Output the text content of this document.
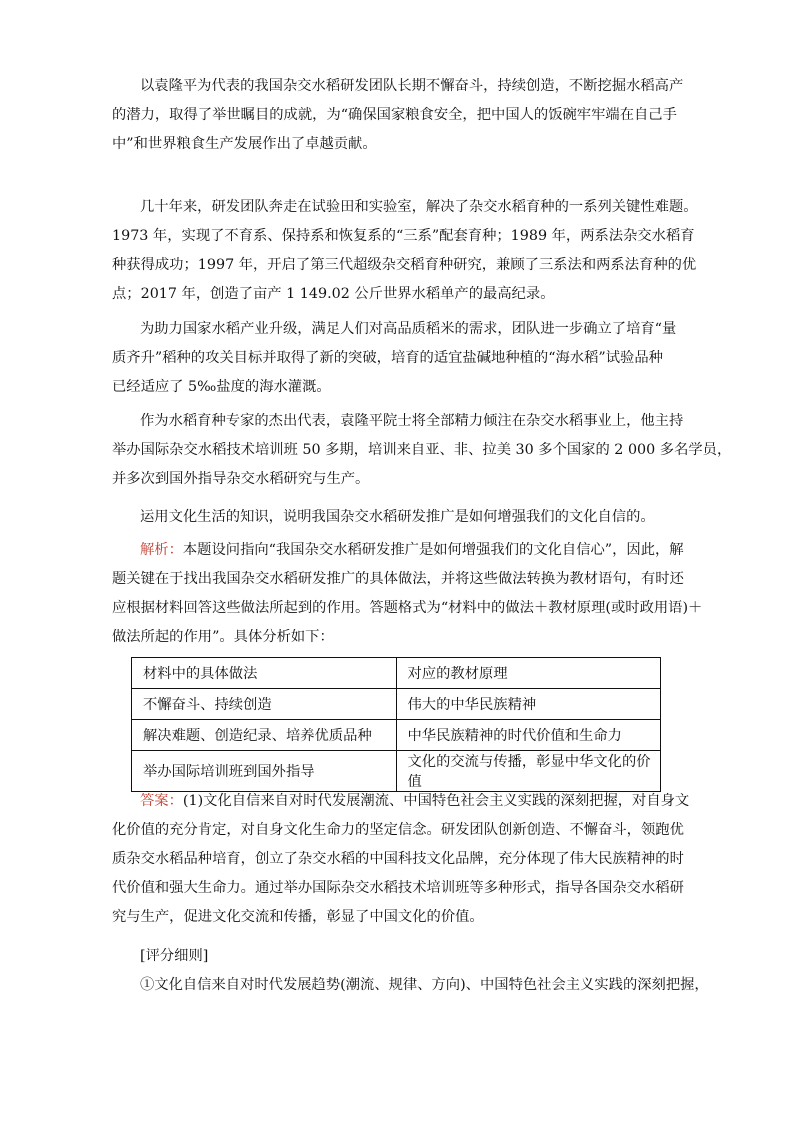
以袁隆平为代表的我国杂交水稻研发团队长期不懈奋斗，持续创造，不断挖掘水稻高产
的潜力，取得了举世瞩目的成就，为“确保国家粮食安全，把中国人的饭碗牢牢端在自己手
中”和世界粮食生产发展作出了卓越贡献。
几十年来，研发团队奔走在试验田和实验室，解决了杂交水稻育种的一系列关键性难题。
1973 年，实现了不育系、保持系和恢复系的“三系”配套育种；1989 年，两系法杂交水稻育
种获得成功；1997 年，开启了第三代超级杂交稻育种研究，兼顾了三系法和两系法育种的优
点；2017 年，创造了亩产 1 149.02 公斤世界水稻单产的最高纪录。
为助力国家水稻产业升级，满足人们对高品质稻米的需求，团队进一步确立了培育“量
质齐升”稻种的攻关目标并取得了新的突破，培育的适宜盐碱地种植的“海水稻”试验品种
已经适应了 5‰盐度的海水灌溉。
作为水稻育种专家的杰出代表，袁隆平院士将全部精力倾注在杂交水稻事业上，他主持
举办国际杂交水稻技术培训班 50 多期，培训来自亚、非、拉美 30 多个国家的 2 000 多名学员，
并多次到国外指导杂交水稻研究与生产。
运用文化生活的知识，说明我国杂交水稻研发推广是如何增强我们的文化自信的。
解析：本题设问指向“我国杂交水稻研发推广是如何增强我们的文化自信心”，因此，解
题关键在于找出我国杂交水稻研发推广的具体做法，并将这些做法转换为教材语句，有时还
应根据材料回答这些做法所起到的作用。答题格式为“材料中的做法＋教材原理(或时政用语)＋
做法所起的作用”。具体分析如下：
材料中的具体做法	对应的教材原理
不懈奋斗、持续创造	伟大的中华民族精神
解决难题、创造纪录、培养优质品种	中华民族精神的时代价值和生命力
举办国际培训班到国外指导	文化的交流与传播，彰显中华文化的价值
答案：(1)文化自信来自对时代发展潮流、中国特色社会主义实践的深刻把握，对自身文
化价值的充分肯定，对自身文化生命力的坚定信念。研发团队创新创造、不懈奋斗，领跑优
质杂交水稻品种培育，创立了杂交水稻的中国科技文化品牌，充分体现了伟大民族精神的时
代价值和强大生命力。通过举办国际杂交水稻技术培训班等多种形式，指导各国杂交水稻研
究与生产，促进文化交流和传播，彰显了中国文化的价值。
[评分细则]
①文化自信来自对时代发展趋势(潮流、规律、方向)、中国特色社会主义实践的深刻把握，
